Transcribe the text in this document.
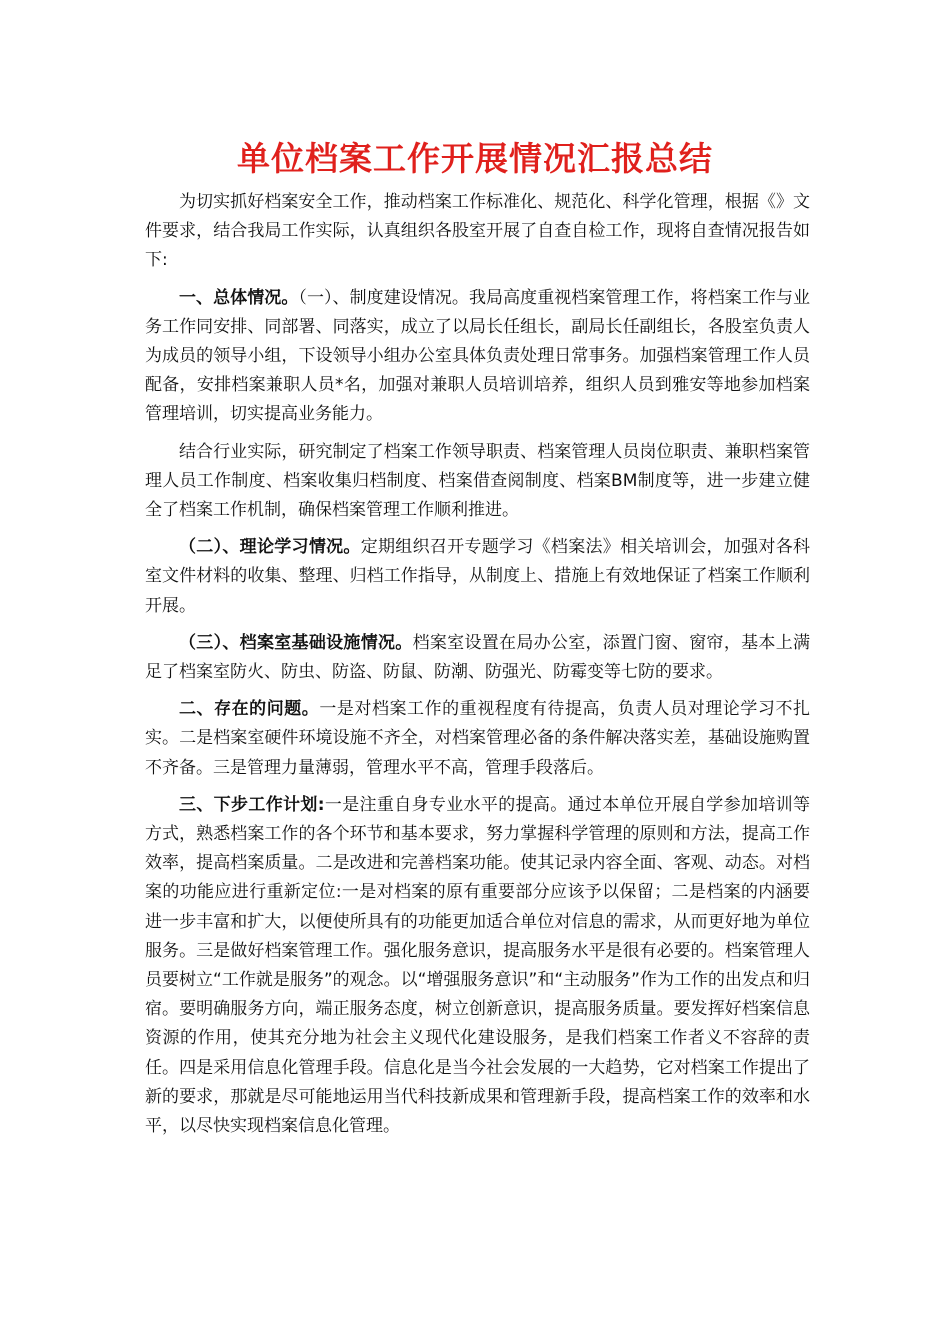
单位档案工作开展情况汇报总结

为切实抓好档案安全工作，推动档案工作标准化、规范化、科学化管理，根据《》文件要求，结合我局工作实际，认真组织各股室开展了自查自检工作，现将自查情况报告如下:

一、总体情况。（一）、制度建设情况。我局高度重视档案管理工作，将档案工作与业务工作同安排、同部署、同落实，成立了以局长任组长，副局长任副组长，各股室负责人为成员的领导小组，下设领导小组办公室具体负责处理日常事务。加强档案管理工作人员配备，安排档案兼职人员*名，加强对兼职人员培训培养，组织人员到雅安等地参加档案管理培训，切实提高业务能力。

结合行业实际，研究制定了档案工作领导职责、档案管理人员岗位职责、兼职档案管理人员工作制度、档案收集归档制度、档案借查阅制度、档案BM制度等，进一步建立健全了档案工作机制，确保档案管理工作顺利推进。

（二）、理论学习情况。定期组织召开专题学习《档案法》相关培训会，加强对各科室文件材料的收集、整理、归档工作指导，从制度上、措施上有效地保证了档案工作顺利开展。

（三）、档案室基础设施情况。档案室设置在局办公室，添置门窗、窗帘，基本上满足了档案室防火、防虫、防盗、防鼠、防潮、防强光、防霉变等七防的要求。

二、存在的问题。一是对档案工作的重视程度有待提高，负责人员对理论学习不扎实。二是档案室硬件环境设施不齐全，对档案管理必备的条件解决落实差，基础设施购置不齐备。三是管理力量薄弱，管理水平不高，管理手段落后。

三、下步工作计划:一是注重自身专业水平的提高。通过本单位开展自学参加培训等方式，熟悉档案工作的各个环节和基本要求，努力掌握科学管理的原则和方法，提高工作效率，提高档案质量。二是改进和完善档案功能。使其记录内容全面、客观、动态。对档案的功能应进行重新定位:一是对档案的原有重要部分应该予以保留；二是档案的内涵要进一步丰富和扩大，以便使所具有的功能更加适合单位对信息的需求，从而更好地为单位服务。三是做好档案管理工作。强化服务意识，提高服务水平是很有必要的。档案管理人员要树立“工作就是服务”的观念。以“增强服务意识”和“主动服务”作为工作的出发点和归宿。要明确服务方向，端正服务态度，树立创新意识，提高服务质量。要发挥好档案信息资源的作用，使其充分地为社会主义现代化建设服务，是我们档案工作者义不容辞的责任。四是采用信息化管理手段。信息化是当今社会发展的一大趋势，它对档案工作提出了新的要求，那就是尽可能地运用当代科技新成果和管理新手段，提高档案工作的效率和水平，以尽快实现档案信息化管理。
